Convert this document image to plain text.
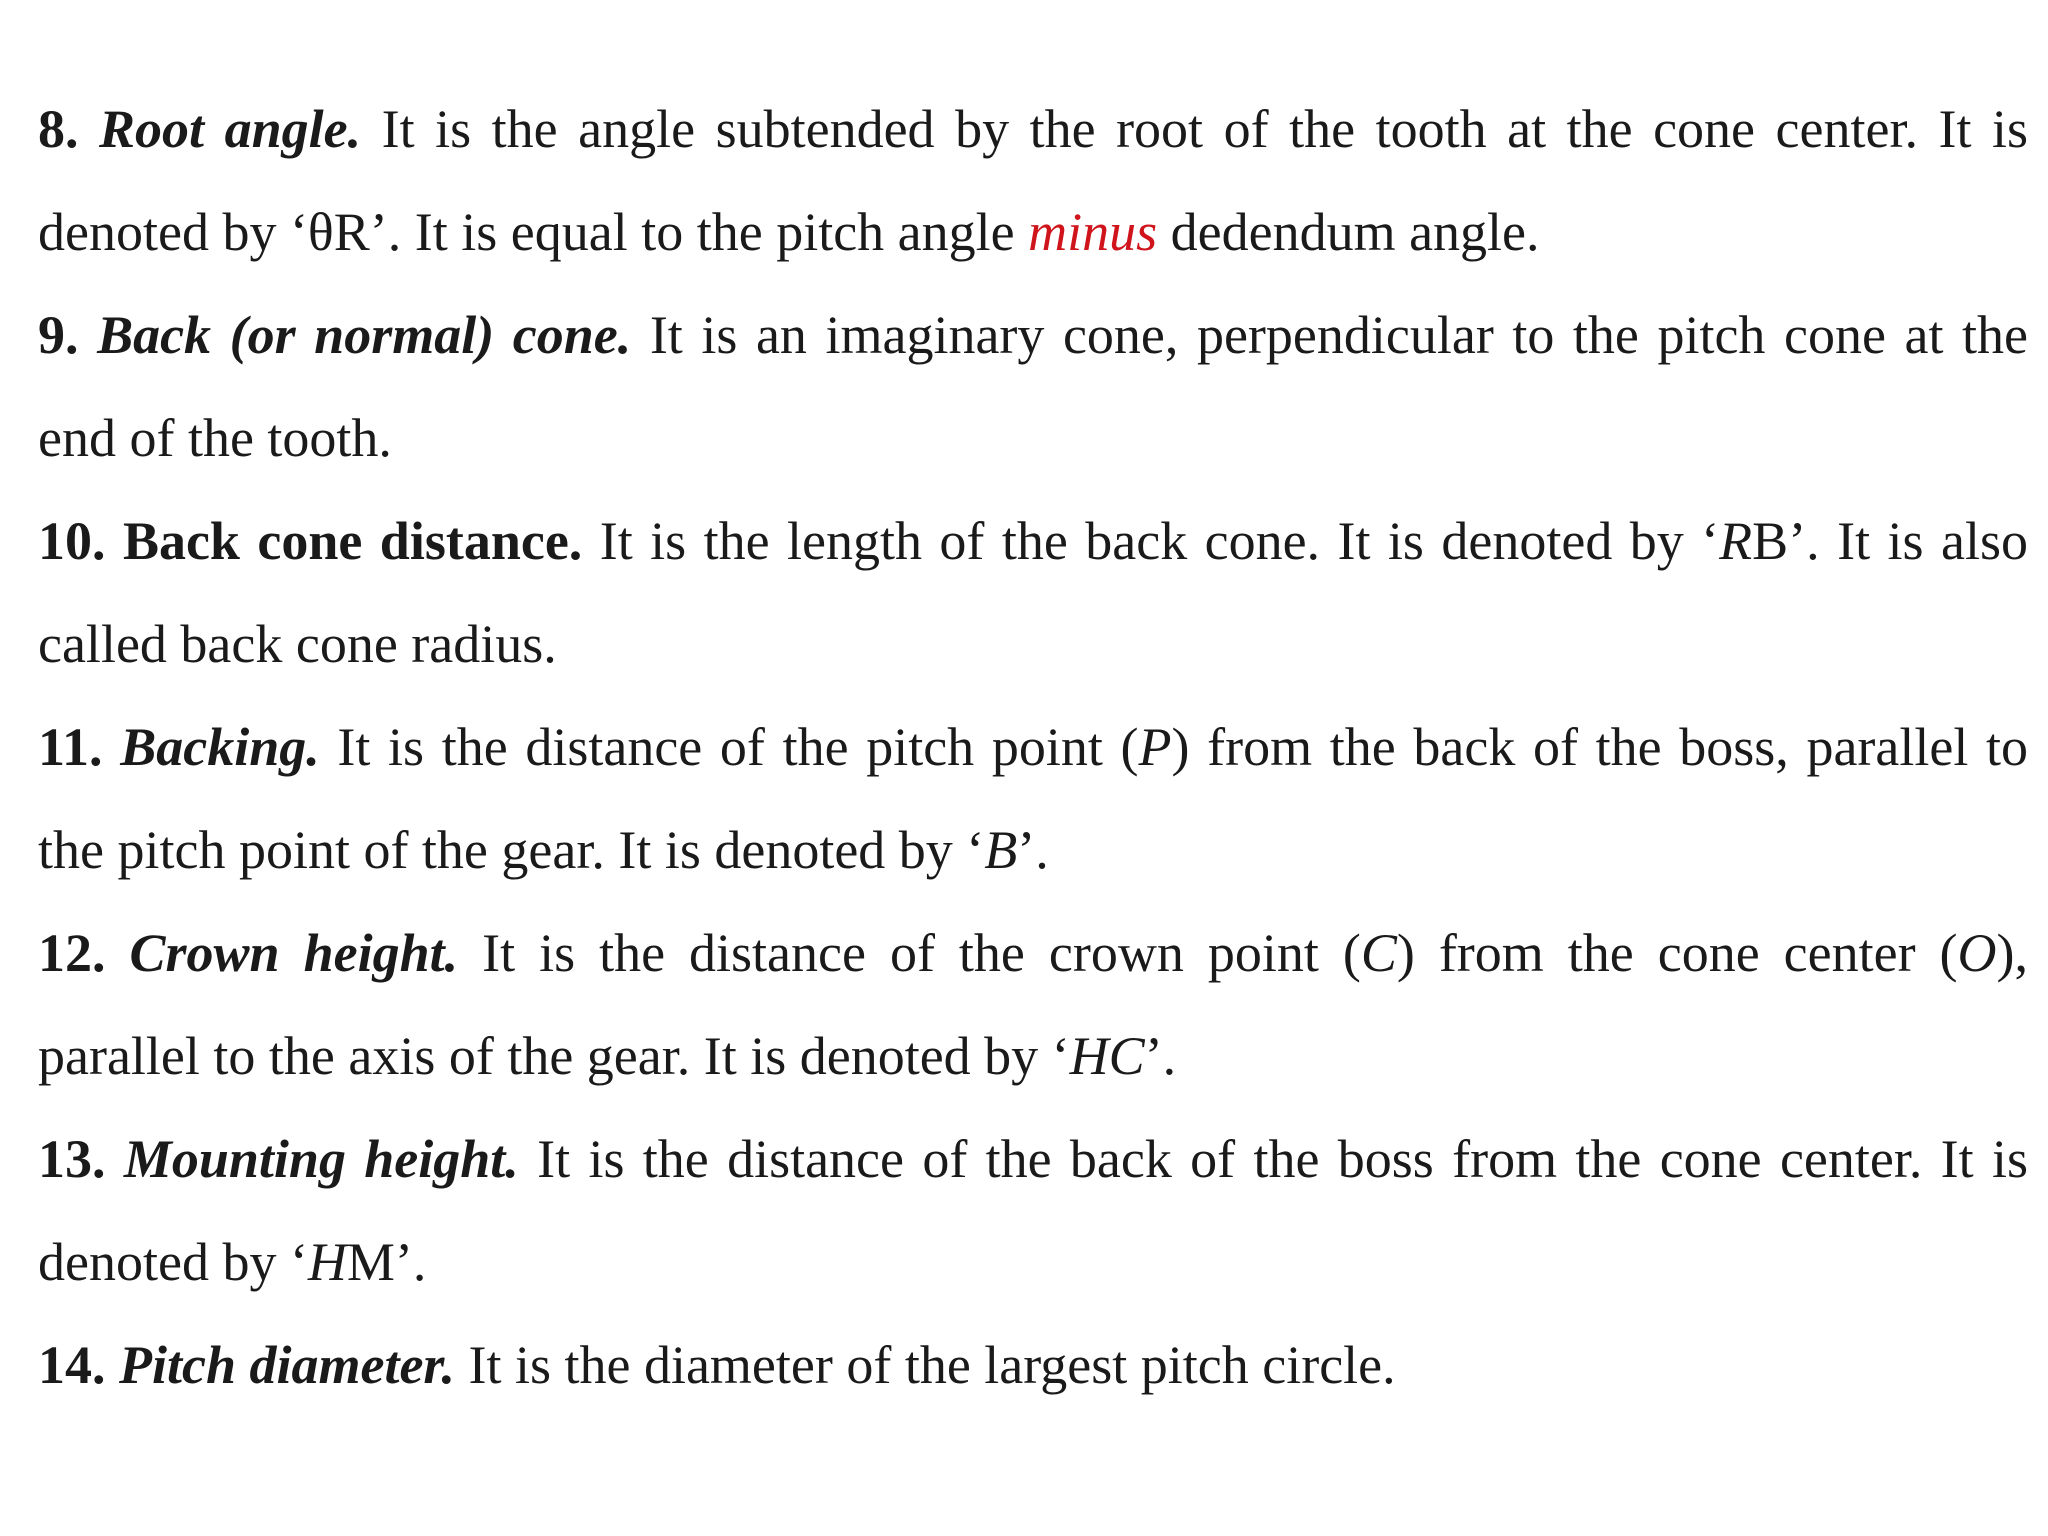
8. Root angle. It is the angle subtended by the root of the tooth at the cone center. It is denoted by ‘θR’. It is equal to the pitch angle minus dedendum angle.

9. Back (or normal) cone. It is an imaginary cone, perpendicular to the pitch cone at the end of the tooth.

10. Back cone distance. It is the length of the back cone. It is denoted by ‘RB’. It is also called back cone radius.

11. Backing. It is the distance of the pitch point (P) from the back of the boss, parallel to the pitch point of the gear. It is denoted by ‘B’.

12. Crown height. It is the distance of the crown point (C) from the cone center (O), parallel to the axis of the gear. It is denoted by ‘HC’.

13. Mounting height. It is the distance of the back of the boss from the cone center. It is denoted by ‘HM’.

14. Pitch diameter. It is the diameter of the largest pitch circle.
